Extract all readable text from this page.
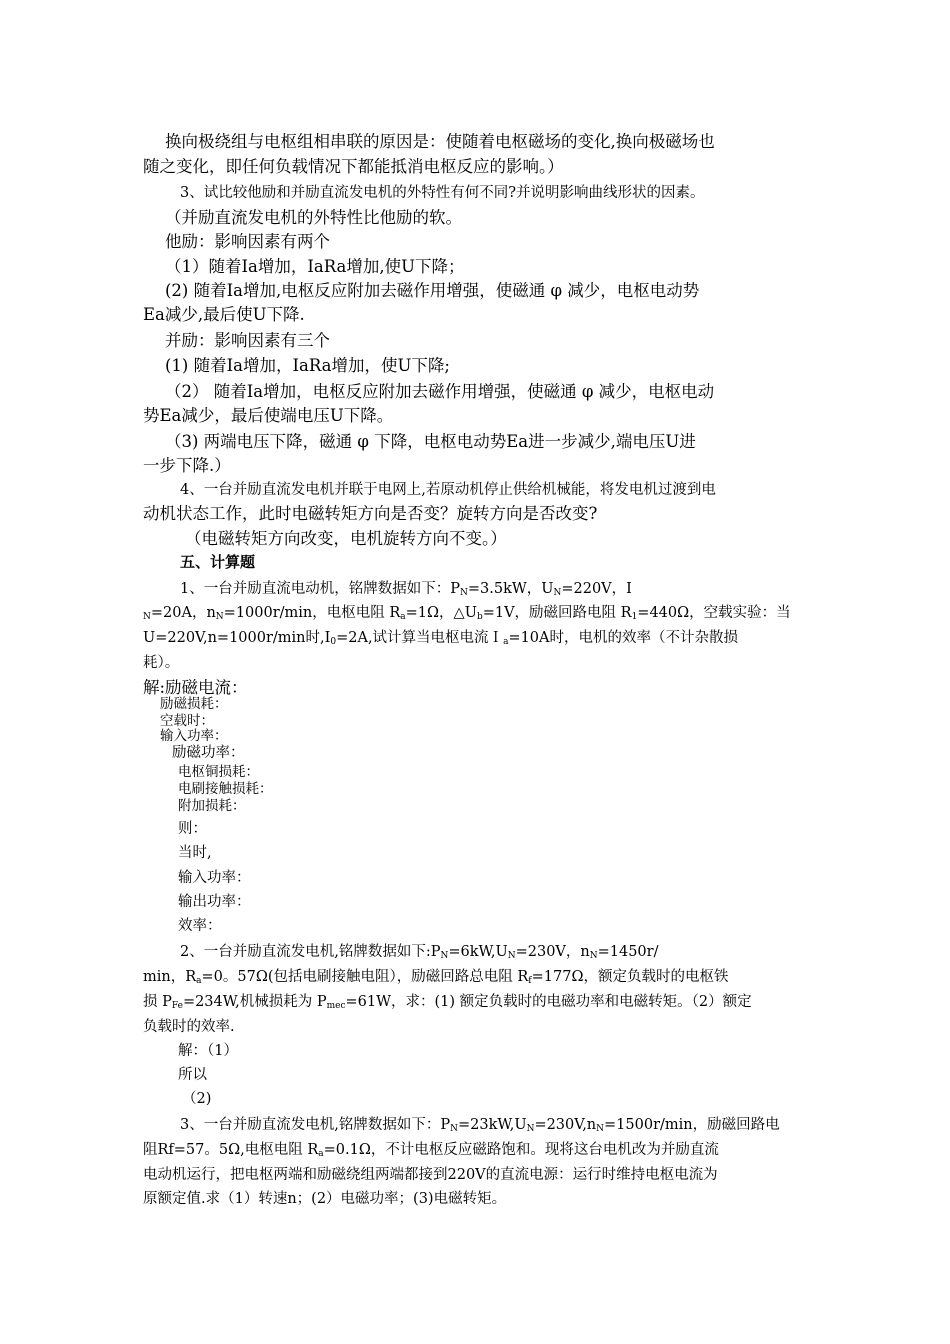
换向极绕组与电枢组相串联的原因是：使随着电枢磁场的变化,换向极磁场也
随之变化，即任何负载情况下都能抵消电枢反应的影响。）
3、试比较他励和并励直流发电机的外特性有何不同?并说明影响曲线形状的因素。
（并励直流发电机的外特性比他励的软。
他励：影响因素有两个
（1）随着Ia增加，IaRa增加,使U下降；
(2) 随着Ia增加,电枢反应附加去磁作用增强，使磁通 φ 减少，电枢电动势
Ea减少,最后使U下降.
并励：影响因素有三个
(1) 随着Ia增加，IaRa增加，使U下降;
（2） 随着Ia增加，电枢反应附加去磁作用增强，使磁通 φ 减少，电枢电动
势Ea减少，最后使端电压U下降。
（3) 两端电压下降，磁通 φ 下降，电枢电动势Ea进一步减少,端电压U进
一步下降.）
4、一台并励直流发电机并联于电网上,若原动机停止供给机械能，将发电机过渡到电
动机状态工作，此时电磁转矩方向是否变？旋转方向是否改变?
（电磁转矩方向改变，电机旋转方向不变。）
五、计算题
1、一台并励直流电动机，铭牌数据如下：$P_N=3.5kW$，$U_N=220V$，I
$_N$=20A，$n_N=1000r/\min$，电枢电阻 $R_a=1\Omega$，$\triangle U_b=1V$，励磁回路电阻 $R_1=440\Omega$，空载实验：当
U=220V,n=1000r/min时$,I_0=2A$,试计算当电枢电流Ｉ$_a$=10A时，电机的效率（不计杂散损
耗）。
解:励磁电流：
励磁损耗：
空载时：
输入功率：
励磁功率：
电枢铜损耗：
电刷接触损耗：
附加损耗：
则：
当时,
输入功率：
输出功率：
效率：
2、一台并励直流发电机,铭牌数据如下$:P_N=6kW,U_N=230V$，$n_N=1450r/$
min，$R_a=0$。57Ω(包括电刷接触电阻），励磁回路总电阻 $R_f=177\Omega$，额定负载时的电枢铁
损 $P_{Fe}=234W$,机械损耗为 $P_{mec}=61W$，求：(1) 额定负载时的电磁功率和电磁转矩。（2）额定
负载时的效率.
解：（1）
所以
（2)
3、一台并励直流发电机,铭牌数据如下：$P_N=23kW,U_N=230V,n_N=1500r/\min$，励磁回路电
阻Rf=57。5Ω,电枢电阻 $R_a=0.1\Omega$，不计电枢反应磁路饱和。现将这台电机改为并励直流
电动机运行，把电枢两端和励磁绕组两端都接到220V的直流电源：运行时维持电枢电流为
原额定值.求（1）转速n；(2）电磁功率；(3)电磁转矩。
